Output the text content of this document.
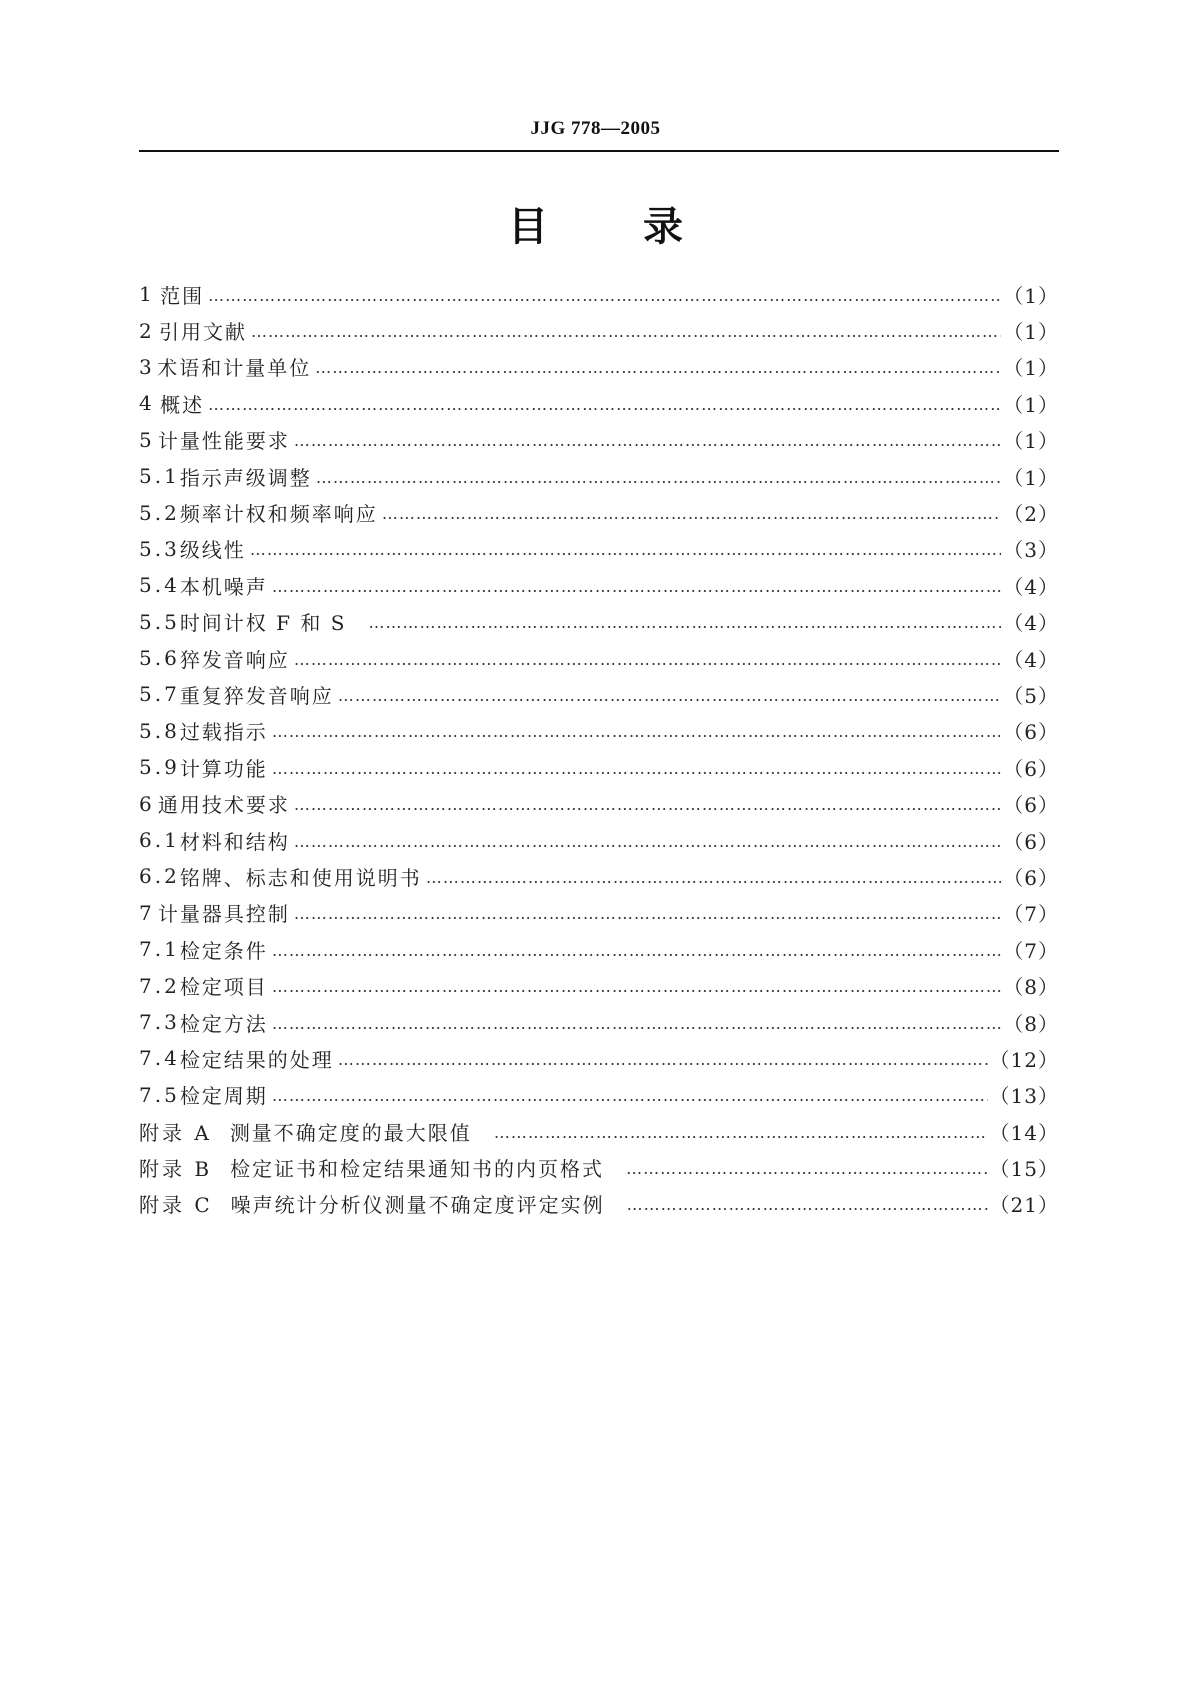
JJG 778—2005
目 录
1 范围 ………………………………………………………………………………………………………………………………………………………………………………………………………………………………	（1）
2 引用文献 ………………………………………………………………………………………………………………………………………………………………………………………………………………………………	（1）
3 术语和计量单位 ………………………………………………………………………………………………………………………………………………………………………………………………………………………………	（1）
4 概述 ………………………………………………………………………………………………………………………………………………………………………………………………………………………………	（1）
5 计量性能要求 ………………………………………………………………………………………………………………………………………………………………………………………………………………………………	（1）
5.1 指示声级调整 ………………………………………………………………………………………………………………………………………………………………………………………………………………………………	（1）
5.2 频率计权和频率响应 ………………………………………………………………………………………………………………………………………………………………………………………………………………………………	（2）
5.3 级线性 ………………………………………………………………………………………………………………………………………………………………………………………………………………………………	（3）
5.4 本机噪声 ………………………………………………………………………………………………………………………………………………………………………………………………………………………………	（4）
5.5 时间计权 F 和 S ………………………………………………………………………………………………………………………………………………………………………………………………………………………………	（4）
5.6 猝发音响应 ………………………………………………………………………………………………………………………………………………………………………………………………………………………………	（4）
5.7 重复猝发音响应 ………………………………………………………………………………………………………………………………………………………………………………………………………………………………	（5）
5.8 过载指示 ………………………………………………………………………………………………………………………………………………………………………………………………………………………………	（6）
5.9 计算功能 ………………………………………………………………………………………………………………………………………………………………………………………………………………………………	（6）
6 通用技术要求 ………………………………………………………………………………………………………………………………………………………………………………………………………………………………	（6）
6.1 材料和结构 ………………………………………………………………………………………………………………………………………………………………………………………………………………………………	（6）
6.2 铭牌、标志和使用说明书 ………………………………………………………………………………………………………………………………………………………………………………………………………………………………	（6）
7 计量器具控制 ………………………………………………………………………………………………………………………………………………………………………………………………………………………………	（7）
7.1 检定条件 ………………………………………………………………………………………………………………………………………………………………………………………………………………………………	（7）
7.2 检定项目 ………………………………………………………………………………………………………………………………………………………………………………………………………………………………	（8）
7.3 检定方法 ………………………………………………………………………………………………………………………………………………………………………………………………………………………………	（8）
7.4 检定结果的处理 ………………………………………………………………………………………………………………………………………………………………………………………………………………………………	（12）
7.5 检定周期 ………………………………………………………………………………………………………………………………………………………………………………………………………………………………	（13）
附录 A 测量不确定度的最大限值 ………………………………………………………………………………………………………………………………………………………………………………………………………………………………	（14）
附录 B 检定证书和检定结果通知书的内页格式 ………………………………………………………………………………………………………………………………………………………………………………………………………………………………	（15）
附录 C 噪声统计分析仪测量不确定度评定实例 ………………………………………………………………………………………………………………………………………………………………………………………………………………………………	（21）
